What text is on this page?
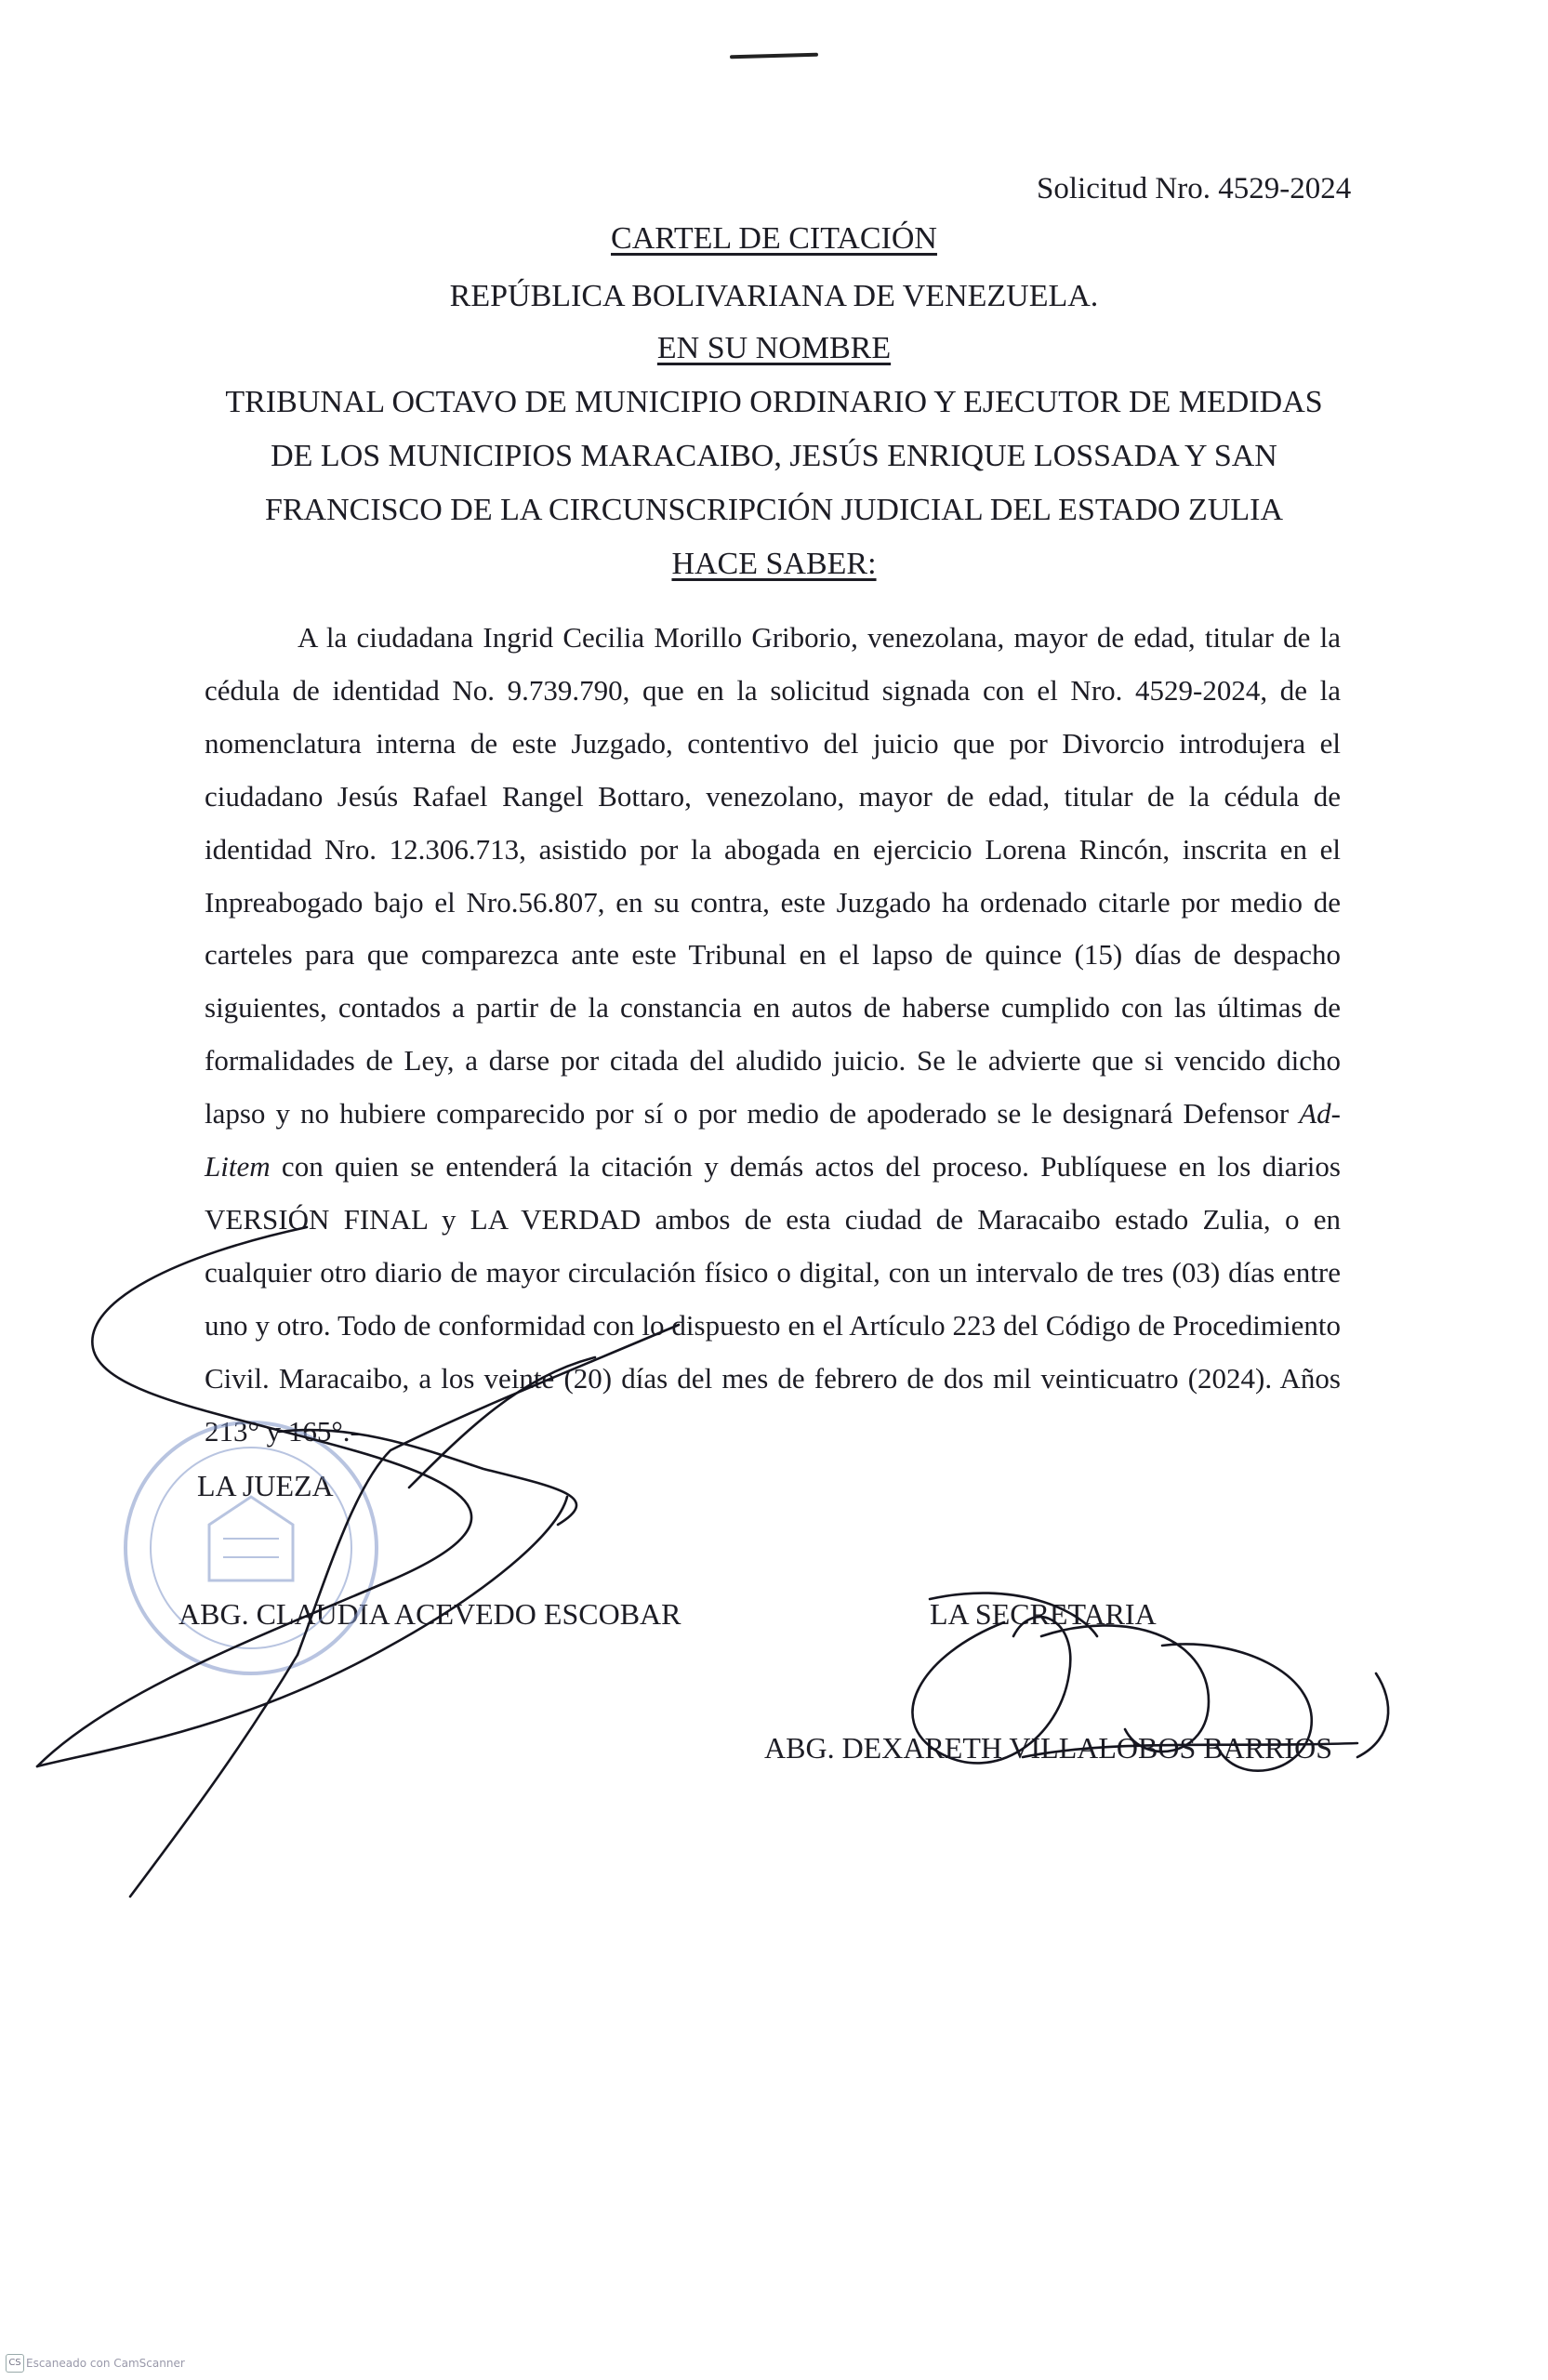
Solicitud Nro. 4529-2024
CARTEL DE CITACIÓN
REPÚBLICA BOLIVARIANA DE VENEZUELA.
EN SU NOMBRE
TRIBUNAL OCTAVO DE MUNICIPIO ORDINARIO Y EJECUTOR DE MEDIDAS
DE LOS MUNICIPIOS MARACAIBO, JESÚS ENRIQUE LOSSADA Y SAN
FRANCISCO DE LA CIRCUNSCRIPCIÓN JUDICIAL DEL ESTADO ZULIA
HACE SABER:
A la ciudadana Ingrid Cecilia Morillo Griborio, venezolana, mayor de edad, titular de la cédula de identidad No. 9.739.790, que en la solicitud signada con el Nro. 4529-2024, de la nomenclatura interna de este Juzgado, contentivo del juicio que por Divorcio introdujera el ciudadano Jesús Rafael Rangel Bottaro, venezolano, mayor de edad, titular de la cédula de identidad Nro. 12.306.713, asistido por la abogada en ejercicio Lorena Rincón, inscrita en el Inpreabogado bajo el Nro.56.807, en su contra, este Juzgado ha ordenado citarle por medio de carteles para que comparezca ante este Tribunal en el lapso de quince (15) días de despacho siguientes, contados a partir de la constancia en autos de haberse cumplido con las últimas de formalidades de Ley, a darse por citada del aludido juicio. Se le advierte que si vencido dicho lapso y no hubiere comparecido por sí o por medio de apoderado se le designará Defensor Ad-Litem con quien se entenderá la citación y demás actos del proceso. Publíquese en los diarios VERSIÓN FINAL y LA VERDAD ambos de esta ciudad de Maracaibo estado Zulia, o en cualquier otro diario de mayor circulación físico o digital, con un intervalo de tres (03) días entre uno y otro. Todo de conformidad con lo dispuesto en el Artículo 223 del Código de Procedimiento Civil. Maracaibo, a los veinte (20) días del mes de febrero de dos mil veinticuatro (2024). Años 213° y 165°.-
LA JUEZA
ABG. CLAUDIA ACEVEDO ESCOBAR	LA SECRETARIA
ABG. DEXARETH VILLALOBOS BARRIOS
CS Escaneado con CamScanner
